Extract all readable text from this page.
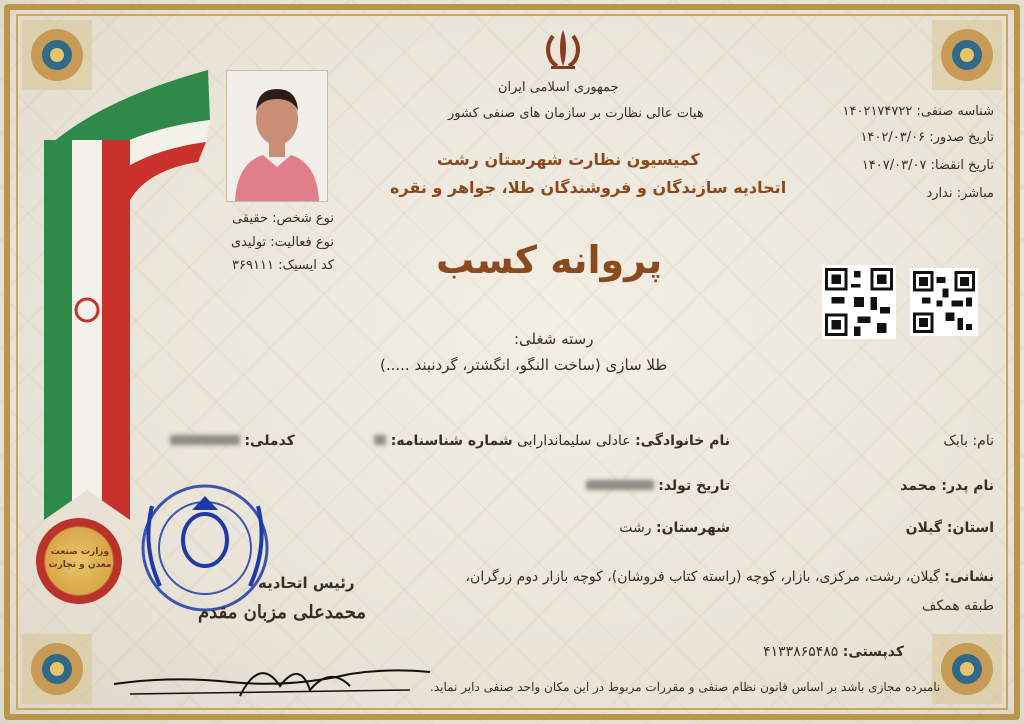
جمهوری اسلامی ایران
هیات عالی نظارت بر سازمان های صنفی کشور
کمیسیون نظارت شهرستان رشت
اتحادیه سازندگان و فروشندگان طلا، جواهر و نقره
پروانه کسب
شناسه صنفی: ۱۴۰۲۱۷۴۷۲۲
تاریخ صدور: ۱۴۰۲/۰۳/۰۶
تاریخ انقضا: ۱۴۰۷/۰۳/۰۷
مباشر: ندارد
نوع شخص: حقیقی
نوع فعالیت: تولیدی
کد ایسیک: ۳۶۹۱۱۱
رسته شغلی:
طلا سازی (ساخت النگو، انگشتر، گردنبند .....)
نام: بابک
نام خانوادگی: عادلی سلیماندارابی شماره شناسنامه:
کدملی:
نام پدر: محمد
تاریخ تولد:
استان: گیلان
شهرستان: رشت
نشانی: گیلان، رشت، مرکزی، بازار، کوچه (راسته کتاب فروشان)، کوچه بازار دوم زرگران،
طبقه همکف
کدپستی: ۴۱۳۳۸۶۵۴۸۵
وزارت صنعت معدن و تجارت
رئیس اتحادیه
محمدعلی مزبان مقدم
نامبرده مجازی باشد بر اساس قانون نظام صنفی و مقررات مربوط در این مکان واحد صنفی دایر نماید.
